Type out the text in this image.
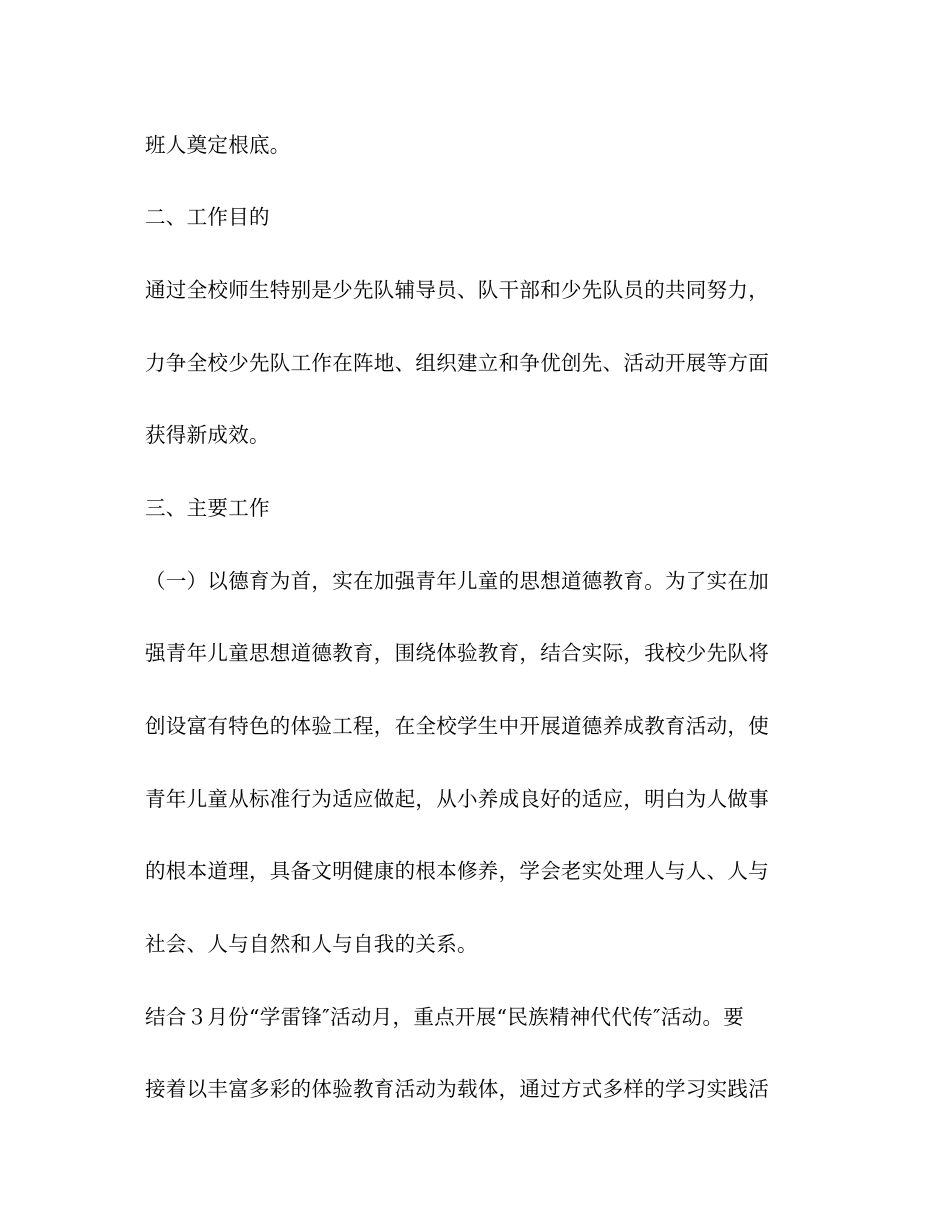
班人奠定根底。
二、工作目的
通过全校师生特别是少先队辅导员、队干部和少先队员的共同努力，
力争全校少先队工作在阵地、组织建立和争优创先、活动开展等方面
获得新成效。
三、主要工作
（一）以德育为首，实在加强青年儿童的思想道德教育。为了实在加
强青年儿童思想道德教育，围绕体验教育，结合实际，我校少先队将
创设富有特色的体验工程，在全校学生中开展道德养成教育活动，使
青年儿童从标准行为适应做起，从小养成良好的适应，明白为人做事
的根本道理，具备文明健康的根本修养，学会老实处理人与人、人与
社会、人与自然和人与自我的关系。
结合３月份“学雷锋″活动月，重点开展“民族精神代代传″活动。要
接着以丰富多彩的体验教育活动为载体，通过方式多样的学习实践活
